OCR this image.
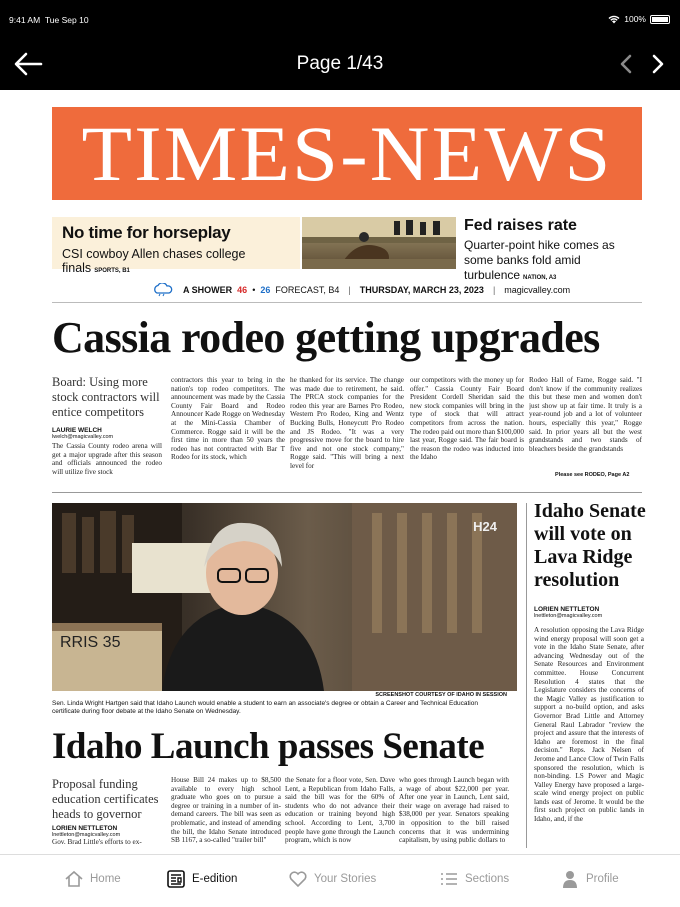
9:41 AM Tue Sep 10	100%
Page 1/43
TIMES-NEWS
No time for horseplay
CSI cowboy Allen chases college finals SPORTS, B1
Fed raises rate
Quarter-point hike comes as some banks fold amid turbulence NATION, A3
A SHOWER 46 • 26 FORECAST, B4 | THURSDAY, MARCH 23, 2023 | magicvalley.com
Cassia rodeo getting upgrades
Board: Using more stock contractors will entice competitors
LAURIE WELCH
lwelch@magicvalley.com
The Cassia County rodeo arena will get a major upgrade after this season and officials announced the rodeo will utilize five stock
contractors this year to bring in the nation's top rodeo competitors. The announcement was made by the Cassia County Fair Board and Rodeo Announcer Kade Rogge on Wednesday at the Mini-Cassia Chamber of Commerce. Rogge said it will be the first time in more than 50 years the rodeo has not contracted with Bar T Rodeo for its stock, which
he thanked for its service. The change was made due to retirement, he said. The PRCA stock companies for the rodeo this year are Barnes Pro Rodeo, Western Pro Rodeo, King and Wentz Bucking Bulls, Honeycutt Pro Rodeo and JS Rodeo. "It was a very progressive move for the board to hire five and not one stock company," Rogge said. "This will bring a next level for
our competitors with the money up for offer." Cassia County Fair Board President Cordell Sheridan said the new stock companies will bring in the type of stock that will attract competitors from across the nation. The rodeo paid out more than $100,000 last year, Rogge said. The fair board is the reason the rodeo was inducted into the Idaho
Rodeo Hall of Fame, Rogge said. "I don't know if the community realizes this but these men and women don't just show up at fair time. It truly is a year-round job and a lot of volunteer hours, especially this year," Rogge said. In prior years all but the west grandstands and two stands of bleachers beside the grandstands
Please see RODEO, Page A2
RRIS 35
H24
SCREENSHOT COURTESY OF IDAHO IN SESSION
Sen. Linda Wright Hartgen said that Idaho Launch would enable a student to earn an associate's degree or obtain a Career and Technical Education certificate during floor debate at the Idaho Senate on Wednesday.
Idaho Launch passes Senate
Proposal funding education certificates heads to governor
LORIEN NETTLETON
lnettleton@magicvalley.com
Gov. Brad Little's efforts to ex-
House Bill 24 makes up to $8,500 available to every high school graduate who goes on to pursue a degree or training in a number of in-demand careers. The bill was seen as problematic, and instead of amending the bill, the Idaho Senate introduced SB 1167, a so-called "trailer bill"
the Senate for a floor vote, Sen. Dave Lent, a Republican from Idaho Falls, said the bill was for the 60% of students who do not advance their education or training beyond high school. According to Lent, 3,700 people have gone through the Launch program, which is now
who goes through Launch began with a wage of about $22,000 per year. After one year in Launch, Lent said, their wage on average had raised to $38,000 per year. Senators speaking in opposition to the bill raised concerns that it was undermining capitalism, by using public dollars to
Idaho Senate will vote on Lava Ridge resolution
LORIEN NETTLETON
lnettleton@magicvalley.com
A resolution opposing the Lava Ridge wind energy proposal will soon get a vote in the Idaho State Senate, after advancing Wednesday out of the Senate Resources and Environment committee. House Concurrent Resolution 4 states that the Legislature considers the concerns of the Magic Valley as justification to support a no-build option, and asks Governor Brad Little and Attorney General Raul Labrador "review the project and assure that the interests of Idaho are foremost in the final decision." Reps. Jack Nelsen of Jerome and Lance Clow of Twin Falls sponsored the resolution, which is non-binding. LS Power and Magic Valley Energy have proposed a large-scale wind energy project on public lands east of Jerome. It would be the first such project on public lands in Idaho, and, if the
Home	E-edition	Your Stories	Sections	Profile
